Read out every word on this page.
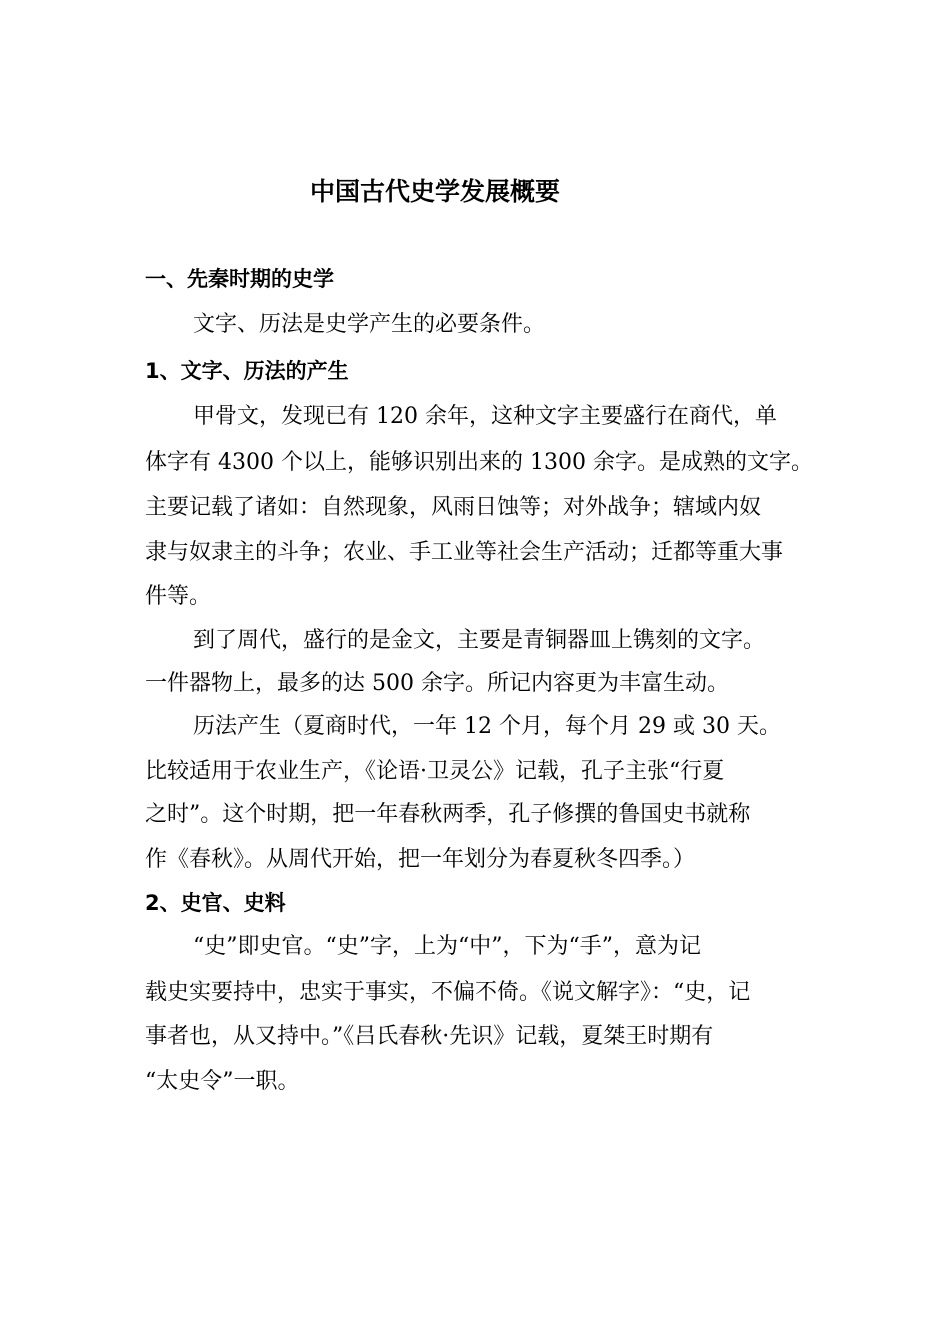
中国古代史学发展概要
一、先秦时期的史学
文字、历法是史学产生的必要条件。
1、文字、历法的产生
甲骨文，发现已有 120 余年，这种文字主要盛行在商代，单
体字有 4300 个以上，能够识别出来的 1300 余字。是成熟的文字。
主要记载了诸如：自然现象，风雨日蚀等；对外战争；辖域内奴
隶与奴隶主的斗争；农业、手工业等社会生产活动；迁都等重大事
件等。
到了周代，盛行的是金文，主要是青铜器皿上镌刻的文字。
一件器物上，最多的达 500 余字。所记内容更为丰富生动。
历法产生（夏商时代，一年 12 个月，每个月 29 或 30 天。
比较适用于农业生产，《论语·卫灵公》记载，孔子主张“行夏
之时”。这个时期，把一年春秋两季，孔子修撰的鲁国史书就称
作《春秋》。从周代开始，把一年划分为春夏秋冬四季。）
2、史官、史料
“史”即史官。“史”字，上为“中”，下为“手”，意为记
载史实要持中，忠实于事实，不偏不倚。《说文解字》：“史，记
事者也，从又持中。”《吕氏春秋·先识》记载，夏桀王时期有
“太史令”一职。
